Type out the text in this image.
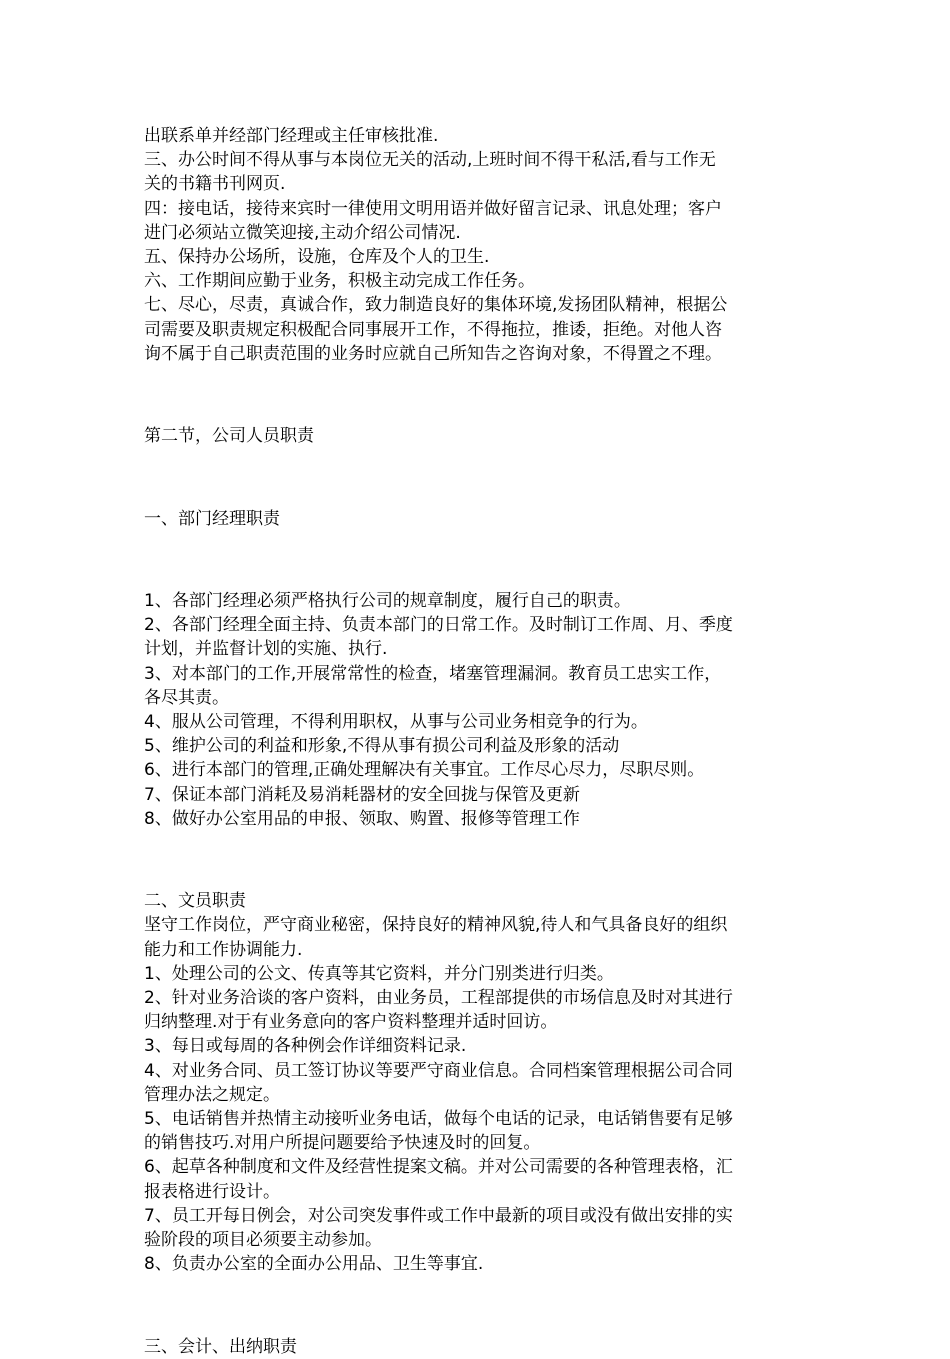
出联系单并经部门经理或主任审核批准.

三、办公时间不得从事与本岗位无关的活动,上班时间不得干私活,看与工作无

关的书籍书刊网页.

四：接电话，接待来宾时一律使用文明用语并做好留言记录、讯息处理；客户

进门必须站立微笑迎接,主动介绍公司情况.

五、保持办公场所，设施，仓库及个人的卫生.

六、工作期间应勤于业务，积极主动完成工作任务。

七、尽心，尽责，真诚合作，致力制造良好的集体环境,发扬团队精神，根据公

司需要及职责规定积极配合同事展开工作，不得拖拉，推诿，拒绝。对他人咨

询不属于自己职责范围的业务时应就自己所知告之咨询对象，不得置之不理。

第二节，公司人员职责

一、部门经理职责

1、各部门经理必须严格执行公司的规章制度，履行自己的职责。

2、各部门经理全面主持、负责本部门的日常工作。及时制订工作周、月、季度

计划，并监督计划的实施、执行.

3、对本部门的工作,开展常常性的检查，堵塞管理漏洞。教育员工忠实工作，

各尽其责。

4、服从公司管理，不得利用职权，从事与公司业务相竞争的行为。

5、维护公司的利益和形象,不得从事有损公司利益及形象的活动

6、进行本部门的管理,正确处理解决有关事宜。工作尽心尽力，尽职尽则。

7、保证本部门消耗及易消耗器材的安全回拢与保管及更新

8、做好办公室用品的申报、领取、购置、报修等管理工作

二、文员职责

坚守工作岗位，严守商业秘密，保持良好的精神风貌,待人和气具备良好的组织

能力和工作协调能力.

1、处理公司的公文、传真等其它资料，并分门别类进行归类。

2、针对业务洽谈的客户资料，由业务员，工程部提供的市场信息及时对其进行

归纳整理.对于有业务意向的客户资料整理并适时回访。

3、每日或每周的各种例会作详细资料记录.

4、对业务合同、员工签订协议等要严守商业信息。合同档案管理根据公司合同

管理办法之规定。

5、电话销售并热情主动接听业务电话，做每个电话的记录，电话销售要有足够

的销售技巧.对用户所提问题要给予快速及时的回复。

6、起草各种制度和文件及经营性提案文稿。并对公司需要的各种管理表格，汇

报表格进行设计。

7、员工开每日例会，对公司突发事件或工作中最新的项目或没有做出安排的实

验阶段的项目必须要主动参加。

8、负责办公室的全面办公用品、卫生等事宜.

三、会计、出纳职责
